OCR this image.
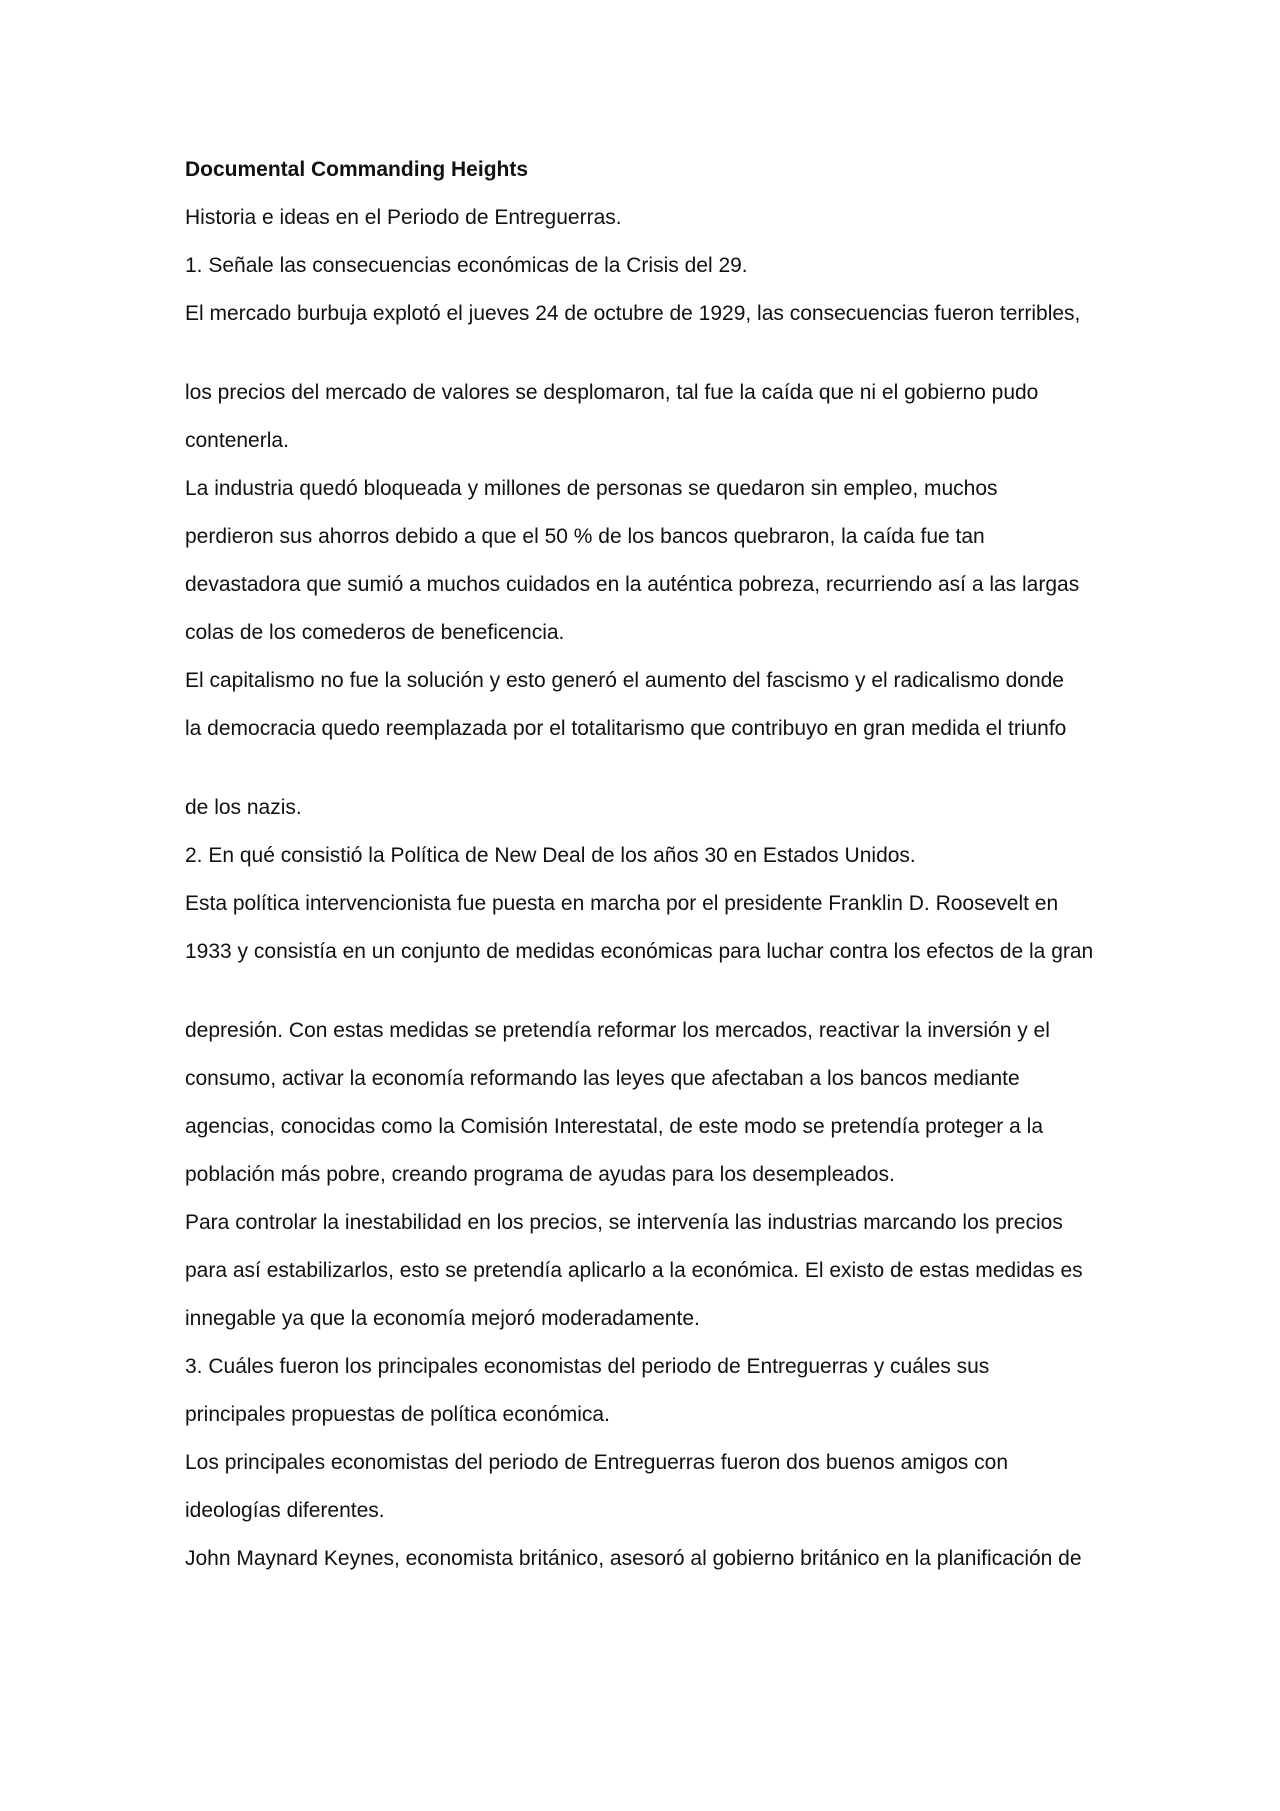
Documental Commanding Heights
Historia e ideas en el Periodo de Entreguerras.
1. Señale las consecuencias económicas de la Crisis del 29.
El mercado burbuja explotó el jueves 24 de octubre de 1929, las consecuencias fueron terribles,
los precios del mercado de valores se desplomaron, tal fue la caída que ni el gobierno pudo
contenerla.
La industria quedó bloqueada y millones de personas se quedaron sin empleo, muchos
perdieron sus ahorros debido a que el 50 % de los bancos quebraron, la caída fue tan
devastadora que sumió a muchos cuidados en la auténtica pobreza, recurriendo así a las largas
colas de los comederos de beneficencia.
El capitalismo no fue la solución y esto generó el aumento del fascismo y el radicalismo donde
la democracia quedo reemplazada por el totalitarismo que contribuyo en gran medida el triunfo
de los nazis.
2. En qué consistió la Política de New Deal de los años 30 en Estados Unidos.
Esta política intervencionista fue puesta en marcha por el presidente Franklin D. Roosevelt en
1933 y consistía en un conjunto de medidas económicas para luchar contra los efectos de la gran
depresión. Con estas medidas se pretendía reformar los mercados, reactivar la inversión y el
consumo, activar la economía reformando las leyes que afectaban a los bancos mediante
agencias, conocidas como la Comisión Interestatal, de este modo se pretendía proteger a la
población más pobre, creando programa de ayudas para los desempleados.
Para controlar la inestabilidad en los precios, se intervenía las industrias marcando los precios
para así estabilizarlos, esto se pretendía aplicarlo a la económica. El existo de estas medidas es
innegable ya que la economía mejoró moderadamente.
3. Cuáles fueron los principales economistas del periodo de Entreguerras y cuáles sus
principales propuestas de política económica.
Los principales economistas del periodo de Entreguerras fueron dos buenos amigos con
ideologías diferentes.
John Maynard Keynes, economista británico, asesoró al gobierno británico en la planificación de
